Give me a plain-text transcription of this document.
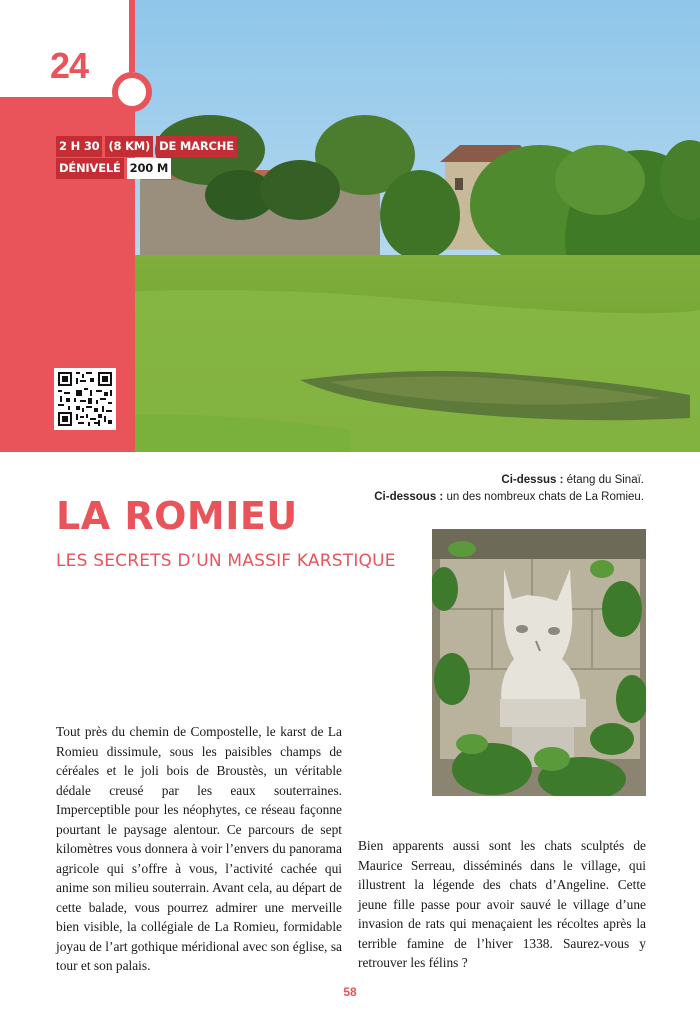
24
2 H 30 (8 KM) DE MARCHE
DÉNIVELÉ 200 M
Ci-dessus : étang du Sinaï.
Ci-dessous : un des nombreux chats de La Romieu.
LA ROMIEU
LES SECRETS D’UN MASSIF KARSTIQUE

Tout près du chemin de Compostelle, le karst de La Romieu dissimule, sous les paisibles champs de céréales et le joli bois de Broustès, un véritable dédale creusé par les eaux souterraines. Imperceptible pour les néophytes, ce réseau façonne pourtant le paysage alentour. Ce parcours de sept kilomètres vous donnera à voir l’envers du panorama agricole qui s’offre à vous, l’activité cachée qui anime son milieu souterrain. Avant cela, au départ de cette balade, vous pourrez admirer une merveille bien visible, la collégiale de La Romieu, formidable joyau de l’art gothique méridional avec son église, sa tour et son palais.

Bien apparents aussi sont les chats sculptés de Maurice Serreau, disséminés dans le village, qui illustrent la légende des chats d’Angeline. Cette jeune fille passe pour avoir sauvé le village d’une invasion de rats qui menaçaient les récoltes après la terrible famine de l’hiver 1338. Saurez-vous y retrouver les félins ?

58
